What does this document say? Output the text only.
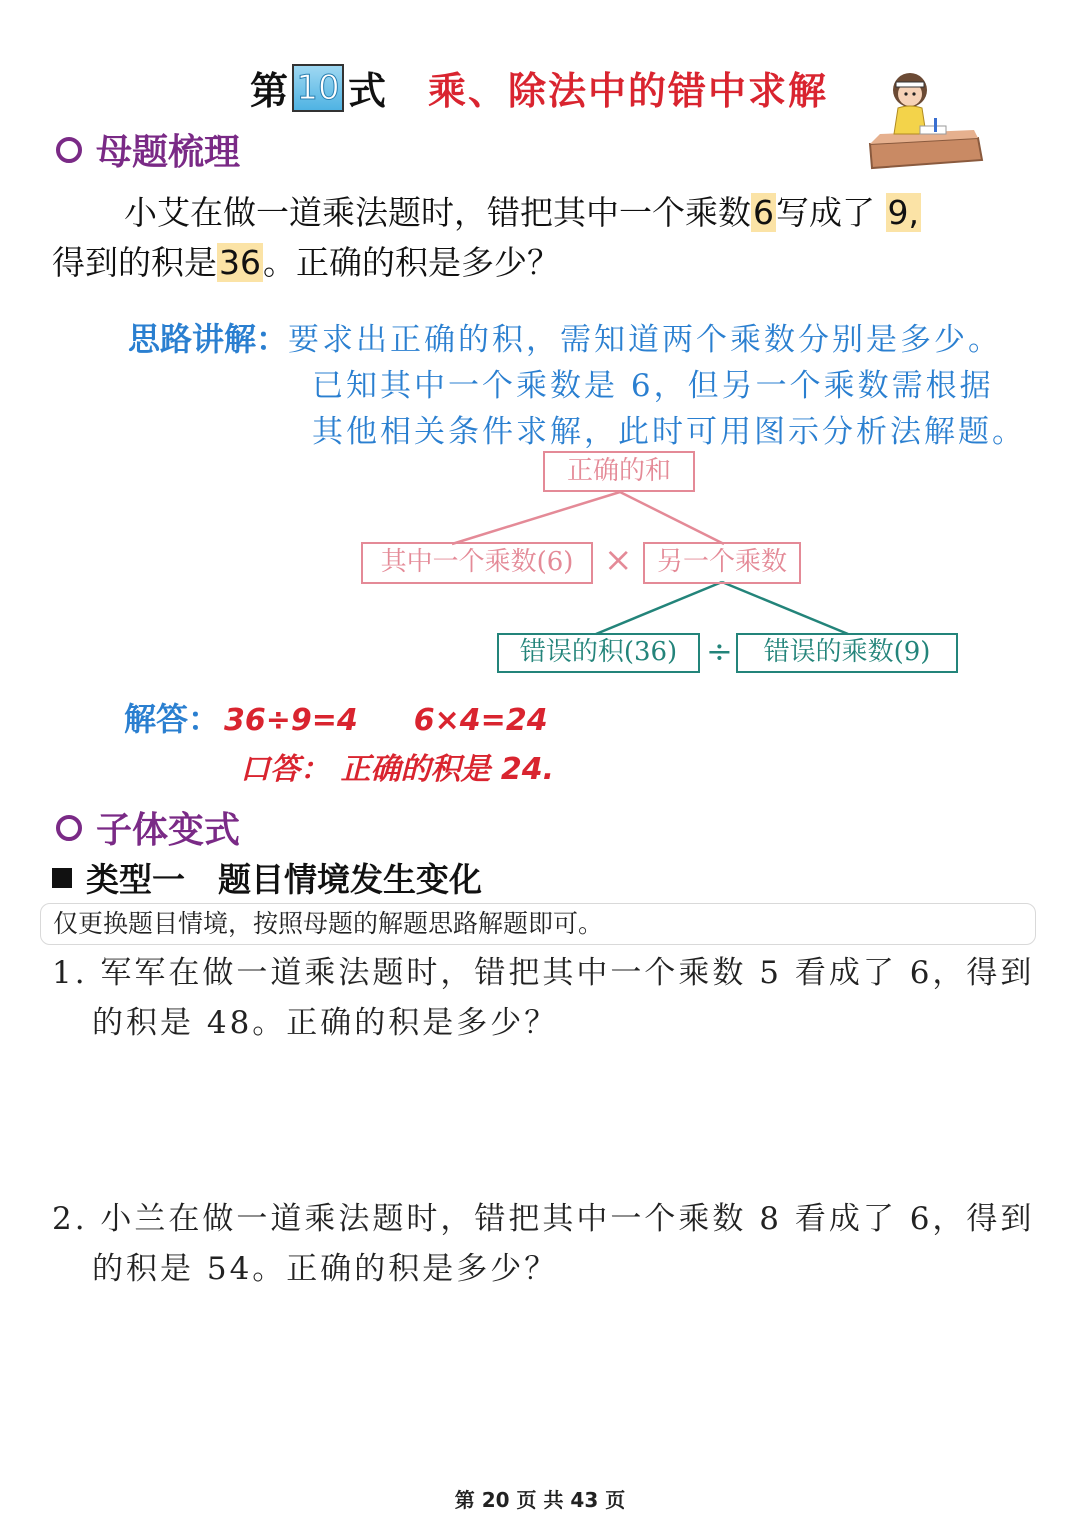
第 10 式 乘、除法中的错中求解
母题梳理
小艾在做一道乘法题时，错把其中一个乘数6写成了 9,
得到的积是36。正确的积是多少？
思路讲解： 要求出正确的积，需知道两个乘数分别是多少。
已知其中一个乘数是 6，但另一个乘数需根据
其他相关条件求解，此时可用图示分析法解题。
正确的和
其中一个乘数(6) × 另一个乘数
错误的积(36) ÷	错误的乘数(9)
解答： 36÷9=4 6×4=24
口答： 正确的积是 24.
子体变式
类型一　题目情境发生变化
仅更换题目情境，按照母题的解题思路解题即可。
1. 军军在做一道乘法题时，错把其中一个乘数 5 看成了 6，得到
的积是 48。正确的积是多少？
2. 小兰在做一道乘法题时，错把其中一个乘数 8 看成了 6，得到
的积是 54。正确的积是多少？
第 20 页 共 43 页
